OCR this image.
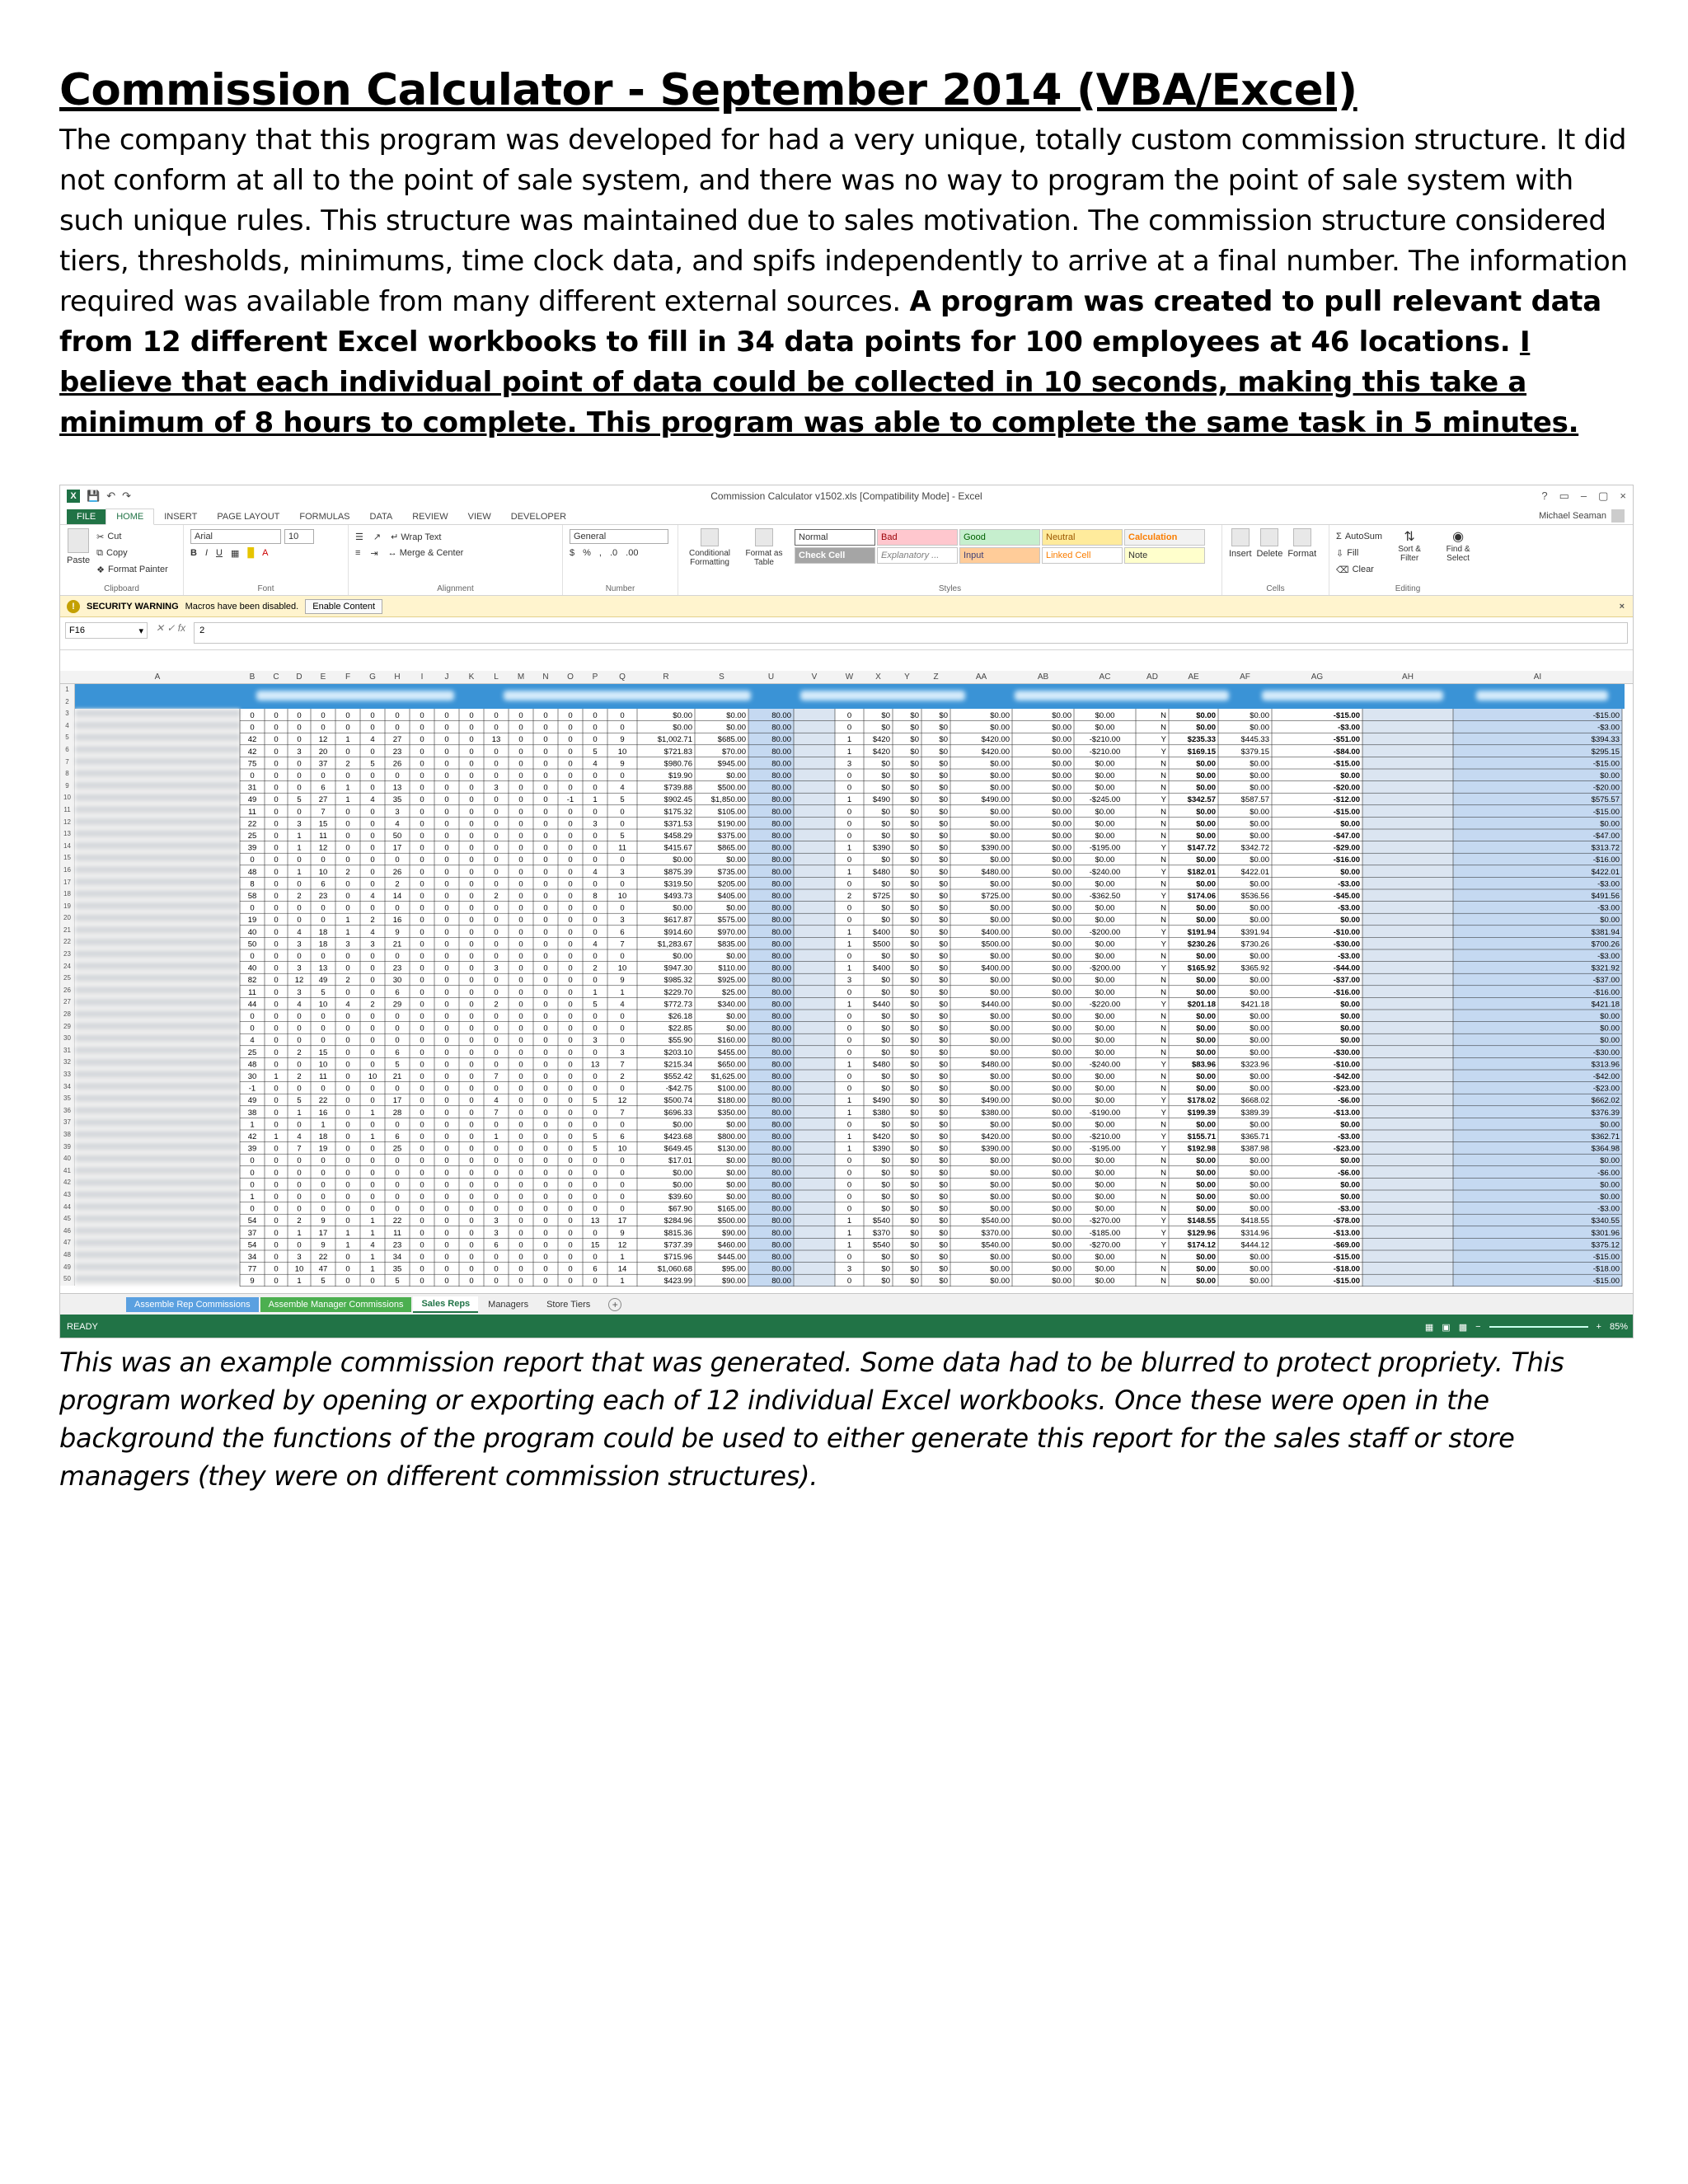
Commission Calculator - September 2014 (VBA/Excel)
The company that this program was developed for had a very unique, totally custom commission structure. It did not conform at all to the point of sale system, and there was no way to program the point of sale system with such unique rules. This structure was maintained due to sales motivation. The commission structure considered tiers, thresholds, minimums, time clock data, and spifs independently to arrive at a final number. The information required was available from many different external sources. A program was created to pull relevant data from 12 different Excel workbooks to fill in 34 data points for 100 employees at 46 locations. I believe that each individual point of data could be collected in 10 seconds, making this take a minimum of 8 hours to complete. This program was able to complete the same task in 5 minutes.
X 💾 ↶ ↷	Commission Calculator v1502.xls [Compatibility Mode] - Excel	? ▭ – ▢ ×
FILE	HOME	INSERT	PAGE LAYOUT	FORMULAS	DATA	REVIEW	VIEW	DEVELOPER	Michael Seaman
Paste
✂ Cut
⧉ Copy
❖ Format Painter
Clipboard
Arial	10
B I U ▦ █ A
Font
☰ ↗ ↵ Wrap Text
≡ ⇥ ↔ Merge & Center
Alignment
General
$ % , .0 .00
Number
Conditional Formatting
Format as Table
Normal	Bad	Good	Neutral	Calculation
Check Cell	Explanatory ...	Input	Linked Cell	Note
Styles
Insert Delete Format
Cells
Σ AutoSum
⇩ Fill
⌫ Clear
⇅
Sort & Filter
◉
Find & Select
Editing
!	SECURITY WARNING Macros have been disabled.	Enable Content	×
F16	▾ ✕ ✓ fx	2
A	B	C	D	E	F	G	H	I	J	K	L	M	N	O	P	Q	R	S	U	V	W	X	Y	Z	AA	AB	AC	AD	AE	AF	AG	AH	AI
1
2
3
4
5
6
7
8
9
10
11
12
13
14
15
16
17
18
19
20
21
22
23
24
25
26
27
28
29
30
31
32
33
34
35
36
37
38
39
40
41
42
43
44
45
46
47
48
49
50
0 0 0 0	0	0	0	0	0	0	0	0	0	0	0	0	$0.00	$0.00	80.00	0	$0	$0	$0	$0.00	$0.00	$0.00	N	$0.00	$0.00	-$15.00	-$15.00
0 0 0 0	0	0	0	0	0	0	0	0	0	0	0	0	$0.00	$0.00	80.00	0	$0	$0	$0	$0.00	$0.00	$0.00	N	$0.00	$0.00	-$3.00	-$3.00
42 0 0 12 1	4 27 0	0	0 13 0	0	0	0	9	$1,002.71	$685.00	80.00	1	$420	$0	$0	$420.00	$0.00 -$210.00	Y	$235.33	$445.33	-$51.00	$394.33
42 0 3 20 0	0 23 0	0	0	0	0	0	0	5	10	$721.83	$70.00	80.00	1	$420	$0	$0	$420.00	$0.00 -$210.00	Y	$169.15	$379.15	-$84.00	$295.15
75 0 0 37 2	5 26 0	0	0	0	0	0	0	4	9	$980.76	$945.00	80.00	3	$0	$0	$0	$0.00	$0.00	$0.00	N	$0.00	$0.00	-$15.00	-$15.00
0 0 0 0	0	0	0	0	0	0	0	0	0	0	0	0	$19.90	$0.00	80.00	0	$0	$0	$0	$0.00	$0.00	$0.00	N	$0.00	$0.00	$0.00	$0.00
31 0 0 6	1	0 13 0	0	0	3	0	0	0	0	4	$739.88	$500.00	80.00	0	$0	$0	$0	$0.00	$0.00	$0.00	N	$0.00	$0.00	-$20.00	-$20.00
49 0 5 27 1	4 35 0	0	0	0	0	0 -1 1	5	$902.45 $1,850.00	80.00	1	$490	$0	$0	$490.00	$0.00 -$245.00	Y	$342.57	$587.57	-$12.00	$575.57
11 0 0 7	0	0	3	0	0	0	0	0	0	0	0	0	$175.32	$105.00	80.00	0	$0	$0	$0	$0.00	$0.00	$0.00	N	$0.00	$0.00	-$15.00	-$15.00
22 0 3 15 0	0	4	0	0	0	0	0	0	0	3	0	$371.53	$190.00	80.00	0	$0	$0	$0	$0.00	$0.00	$0.00	N	$0.00	$0.00	$0.00	$0.00
25 0 1 11 0	0 50 0	0	0	0	0	0	0	0	5	$458.29	$375.00	80.00	0	$0	$0	$0	$0.00	$0.00	$0.00	N	$0.00	$0.00	-$47.00	-$47.00
39 0 1 12 0	0 17 0	0	0	0	0	0	0	0	11	$415.67	$865.00	80.00	1	$390	$0	$0	$390.00	$0.00 -$195.00	Y	$147.72	$342.72	-$29.00	$313.72
0 0 0 0	0	0	0	0	0	0	0	0	0	0	0	0	$0.00	$0.00	80.00	0	$0	$0	$0	$0.00	$0.00	$0.00	N	$0.00	$0.00	-$16.00	-$16.00
48 0 1 10 2	0 26 0	0	0	0	0	0	0	4	3	$875.39	$735.00	80.00	1	$480	$0	$0	$480.00	$0.00 -$240.00	Y	$182.01	$422.01	$0.00	$422.01
8 0 0 6	0	0	2	0	0	0	0	0	0	0	0	0	$319.50	$205.00	80.00	0	$0	$0	$0	$0.00	$0.00	$0.00	N	$0.00	$0.00	-$3.00	-$3.00
58 0 2 23 0	4 14 0	0	0	2	0	0	0	8	10	$493.73	$405.00	80.00	2	$725	$0	$0	$725.00	$0.00 -$362.50	Y	$174.06	$536.56	-$45.00	$491.56
0 0 0 0	0	0	0	0	0	0	0	0	0	0	0	0	$0.00	$0.00	80.00	0	$0	$0	$0	$0.00	$0.00	$0.00	N	$0.00	$0.00	-$3.00	-$3.00
19 0 0 0	1	2 16 0	0	0	0	0	0	0	0	3	$617.87	$575.00	80.00	0	$0	$0	$0	$0.00	$0.00	$0.00	N	$0.00	$0.00	$0.00	$0.00
40 0 4 18 1	4	9	0	0	0	0	0	0	0	0	6	$914.60	$970.00	80.00	1	$400	$0	$0	$400.00	$0.00 -$200.00	Y	$191.94	$391.94	-$10.00	$381.94
50 0 3 18 3	3 21 0	0	0	0	0	0	0	4	7	$1,283.67	$835.00	80.00	1	$500	$0	$0	$500.00	$0.00	$0.00	Y	$230.26	$730.26	-$30.00	$700.26
0 0 0 0	0	0	0	0	0	0	0	0	0	0	0	0	$0.00	$0.00	80.00	0	$0	$0	$0	$0.00	$0.00	$0.00	N	$0.00	$0.00	-$3.00	-$3.00
40 0 3 13 0	0 23 0	0	0	3	0	0	0	2	10	$947.30	$110.00	80.00	1	$400	$0	$0	$400.00	$0.00 -$200.00	Y	$165.92	$365.92	-$44.00	$321.92
82 0 12 49 2	0 30 0	0	0	0	0	0	0	0	9	$985.32	$925.00	80.00	3	$0	$0	$0	$0.00	$0.00	$0.00	N	$0.00	$0.00	-$37.00	-$37.00
11 0 3 5	0	0	6	0	0	0	0	0	0	0	1	1	$229.70	$25.00	80.00	0	$0	$0	$0	$0.00	$0.00	$0.00	N	$0.00	$0.00	-$16.00	-$16.00
44 0 4 10 4	2 29 0	0	0	2	0	0	0	5	4	$772.73	$340.00	80.00	1	$440	$0	$0	$440.00	$0.00 -$220.00	Y	$201.18	$421.18	$0.00	$421.18
0 0 0 0	0	0	0	0	0	0	0	0	0	0	0	0	$26.18	$0.00	80.00	0	$0	$0	$0	$0.00	$0.00	$0.00	N	$0.00	$0.00	$0.00	$0.00
0 0 0 0	0	0	0	0	0	0	0	0	0	0	0	0	$22.85	$0.00	80.00	0	$0	$0	$0	$0.00	$0.00	$0.00	N	$0.00	$0.00	$0.00	$0.00
4 0 0 0	0	0	0	0	0	0	0	0	0	0	3	0	$55.90	$160.00	80.00	0	$0	$0	$0	$0.00	$0.00	$0.00	N	$0.00	$0.00	$0.00	$0.00
25 0 2 15 0	0	6	0	0	0	0	0	0	0	0	3	$203.10	$455.00	80.00	0	$0	$0	$0	$0.00	$0.00	$0.00	N	$0.00	$0.00	-$30.00	-$30.00
48 0 0 10 0	0	5	0	0	0	0	0	0	0 13	7	$215.34	$650.00	80.00	1	$480	$0	$0	$480.00	$0.00 -$240.00	Y	$83.96	$323.96	-$10.00	$313.96
30 1 2 11 0 10 21 0	0	0	7	0	0	0	0	2	$552.42 $1,625.00	80.00	0	$0	$0	$0	$0.00	$0.00	$0.00	N	$0.00	$0.00	-$42.00	-$42.00
-1 0 0 0	0	0	0	0	0	0	0	0	0	0	0	0	-$42.75	$100.00	80.00	0	$0	$0	$0	$0.00	$0.00	$0.00	N	$0.00	$0.00	-$23.00	-$23.00
49 0 5 22 0	0 17 0	0	0	4	0	0	0	5	12	$500.74	$180.00	80.00	1	$490	$0	$0	$490.00	$0.00	$0.00	Y	$178.02	$668.02	-$6.00	$662.02
38 0 1 16 0	1 28 0	0	0	7	0	0	0	0	7	$696.33	$350.00	80.00	1	$380	$0	$0	$380.00	$0.00 -$190.00	Y	$199.39	$389.39	-$13.00	$376.39
1 0 0 1	0	0	0	0	0	0	0	0	0	0	0	0	$0.00	$0.00	80.00	0	$0	$0	$0	$0.00	$0.00	$0.00	N	$0.00	$0.00	$0.00	$0.00
42 1 4 18 0	1	6	0	0	0	1	0	0	0	5	6	$423.68	$800.00	80.00	1	$420	$0	$0	$420.00	$0.00 -$210.00	Y	$155.71	$365.71	-$3.00	$362.71
39 0 7 19 0	0 25 0	0	0	0	0	0	0	5	10	$649.45	$130.00	80.00	1	$390	$0	$0	$390.00	$0.00 -$195.00	Y	$192.98	$387.98	-$23.00	$364.98
0 0 0 0	0	0	0	0	0	0	0	0	0	0	0	0	$17.01	$0.00	80.00	0	$0	$0	$0	$0.00	$0.00	$0.00	N	$0.00	$0.00	$0.00	$0.00
0 0 0 0	0	0	0	0	0	0	0	0	0	0	0	0	$0.00	$0.00	80.00	0	$0	$0	$0	$0.00	$0.00	$0.00	N	$0.00	$0.00	-$6.00	-$6.00
0 0 0 0	0	0	0	0	0	0	0	0	0	0	0	0	$0.00	$0.00	80.00	0	$0	$0	$0	$0.00	$0.00	$0.00	N	$0.00	$0.00	$0.00	$0.00
1 0 0 0	0	0	0	0	0	0	0	0	0	0	0	0	$39.60	$0.00	80.00	0	$0	$0	$0	$0.00	$0.00	$0.00	N	$0.00	$0.00	$0.00	$0.00
0 0 0 0	0	0	0	0	0	0	0	0	0	0	0	0	$67.90	$165.00	80.00	0	$0	$0	$0	$0.00	$0.00	$0.00	N	$0.00	$0.00	-$3.00	-$3.00
54 0 2 9	0	1 22 0	0	0	3	0	0	0 13 17	$284.96	$500.00	80.00	1	$540	$0	$0	$540.00	$0.00 -$270.00	Y	$148.55	$418.55	-$78.00	$340.55
37 0 1 17 1	1 11 0	0	0	3	0	0	0	0	9	$815.36	$90.00	80.00	1	$370	$0	$0	$370.00	$0.00 -$185.00	Y	$129.96	$314.96	-$13.00	$301.96
54 0 0 9	1	4 23 0	0	0	6	0	0	0 15 12	$737.39	$460.00	80.00	1	$540	$0	$0	$540.00	$0.00 -$270.00	Y	$174.12	$444.12	-$69.00	$375.12
34 0 3 22 0	1 34 0	0	0	0	0	0	0	0	1	$715.96	$445.00	80.00	0	$0	$0	$0	$0.00	$0.00	$0.00	N	$0.00	$0.00	-$15.00	-$15.00
77 0 10 47 0	1 35 0	0	0	0	0	0	0	6	14	$1,060.68	$95.00	80.00	3	$0	$0	$0	$0.00	$0.00	$0.00	N	$0.00	$0.00	-$18.00	-$18.00
9 0 1 5	0	0	5	0	0	0	0	0	0	0	0	1	$423.99	$90.00	80.00	0	$0	$0	$0	$0.00	$0.00	$0.00	N	$0.00	$0.00	-$15.00	-$15.00
Assemble Rep Commissions	Assemble Manager Commissions	Sales Reps	Managers	Store Tiers	+
READY	▦ ▣ ▩ −	+ 85%
This was an example commission report that was generated. Some data had to be blurred to protect propriety. This program worked by opening or exporting each of 12 individual Excel workbooks. Once these were open in the background the functions of the program could be used to either generate this report for the sales staff or store managers (they were on different commission structures).
